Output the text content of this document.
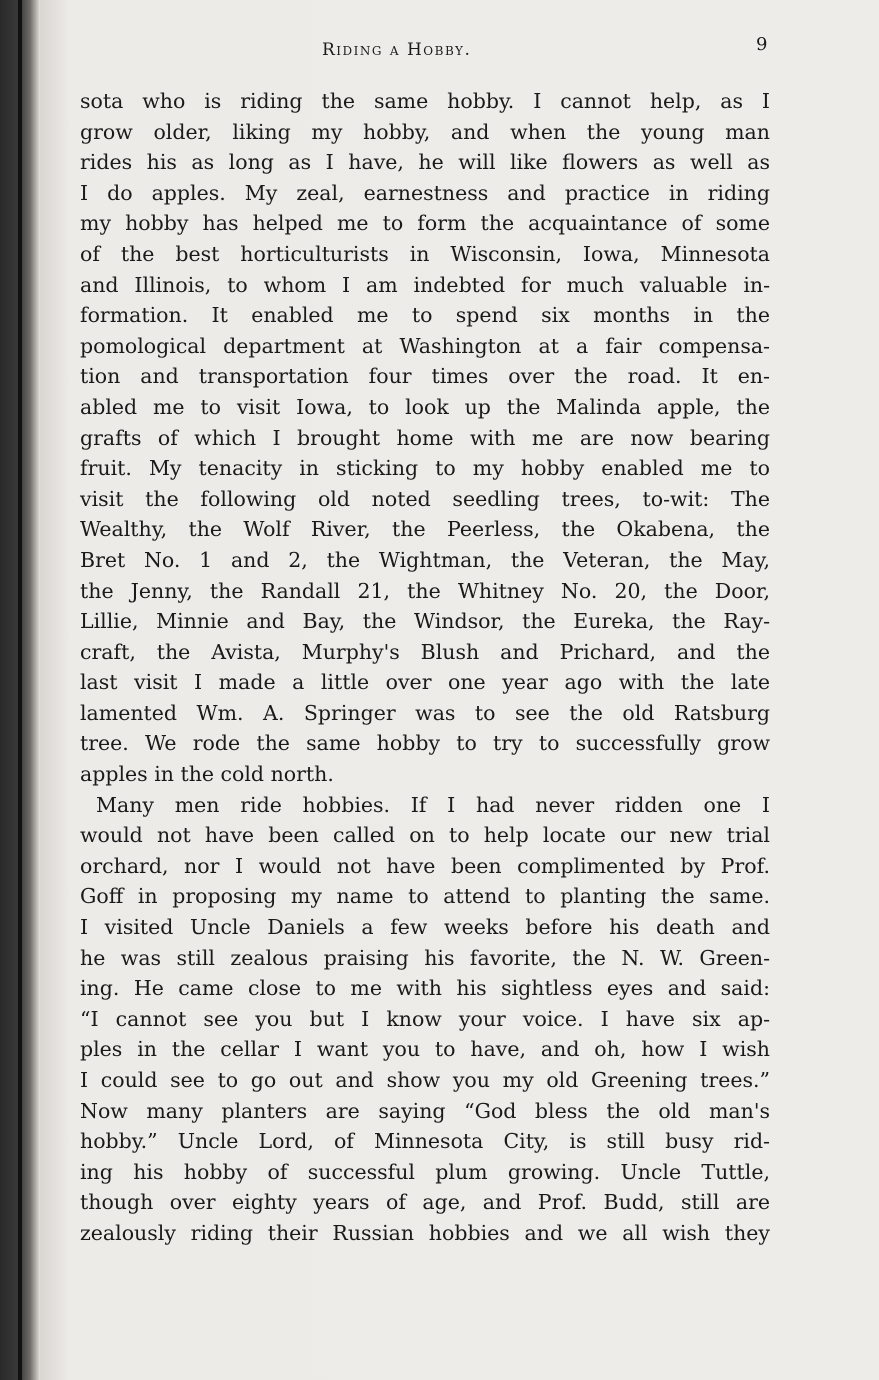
Riding a Hobby.	9
sota who is riding the same hobby. I cannot help, as I
grow older, liking my hobby, and when the young man
rides his as long as I have, he will like flowers as well as
I do apples. My zeal, earnestness and practice in riding
my hobby has helped me to form the acquaintance of some
of the best horticulturists in Wisconsin, Iowa, Minnesota
and Illinois, to whom I am indebted for much valuable in-
formation. It enabled me to spend six months in the
pomological department at Washington at a fair compensa-
tion and transportation four times over the road. It en-
abled me to visit Iowa, to look up the Malinda apple, the
grafts of which I brought home with me are now bearing
fruit. My tenacity in sticking to my hobby enabled me to
visit the following old noted seedling trees, to-wit: The
Wealthy, the Wolf River, the Peerless, the Okabena, the
Bret No. 1 and 2, the Wightman, the Veteran, the May,
the Jenny, the Randall 21, the Whitney No. 20, the Door,
Lillie, Minnie and Bay, the Windsor, the Eureka, the Ray-
craft, the Avista, Murphy's Blush and Prichard, and the
last visit I made a little over one year ago with the late
lamented Wm. A. Springer was to see the old Ratsburg
tree. We rode the same hobby to try to successfully grow
apples in the cold north.
Many men ride hobbies. If I had never ridden one I
would not have been called on to help locate our new trial
orchard, nor I would not have been complimented by Prof.
Goff in proposing my name to attend to planting the same.
I visited Uncle Daniels a few weeks before his death and
he was still zealous praising his favorite, the N. W. Green-
ing. He came close to me with his sightless eyes and said:
“I cannot see you but I know your voice. I have six ap-
ples in the cellar I want you to have, and oh, how I wish
I could see to go out and show you my old Greening trees.”
Now many planters are saying “God bless the old man's
hobby.” Uncle Lord, of Minnesota City, is still busy rid-
ing his hobby of successful plum growing. Uncle Tuttle,
though over eighty years of age, and Prof. Budd, still are
zealously riding their Russian hobbies and we all wish they
